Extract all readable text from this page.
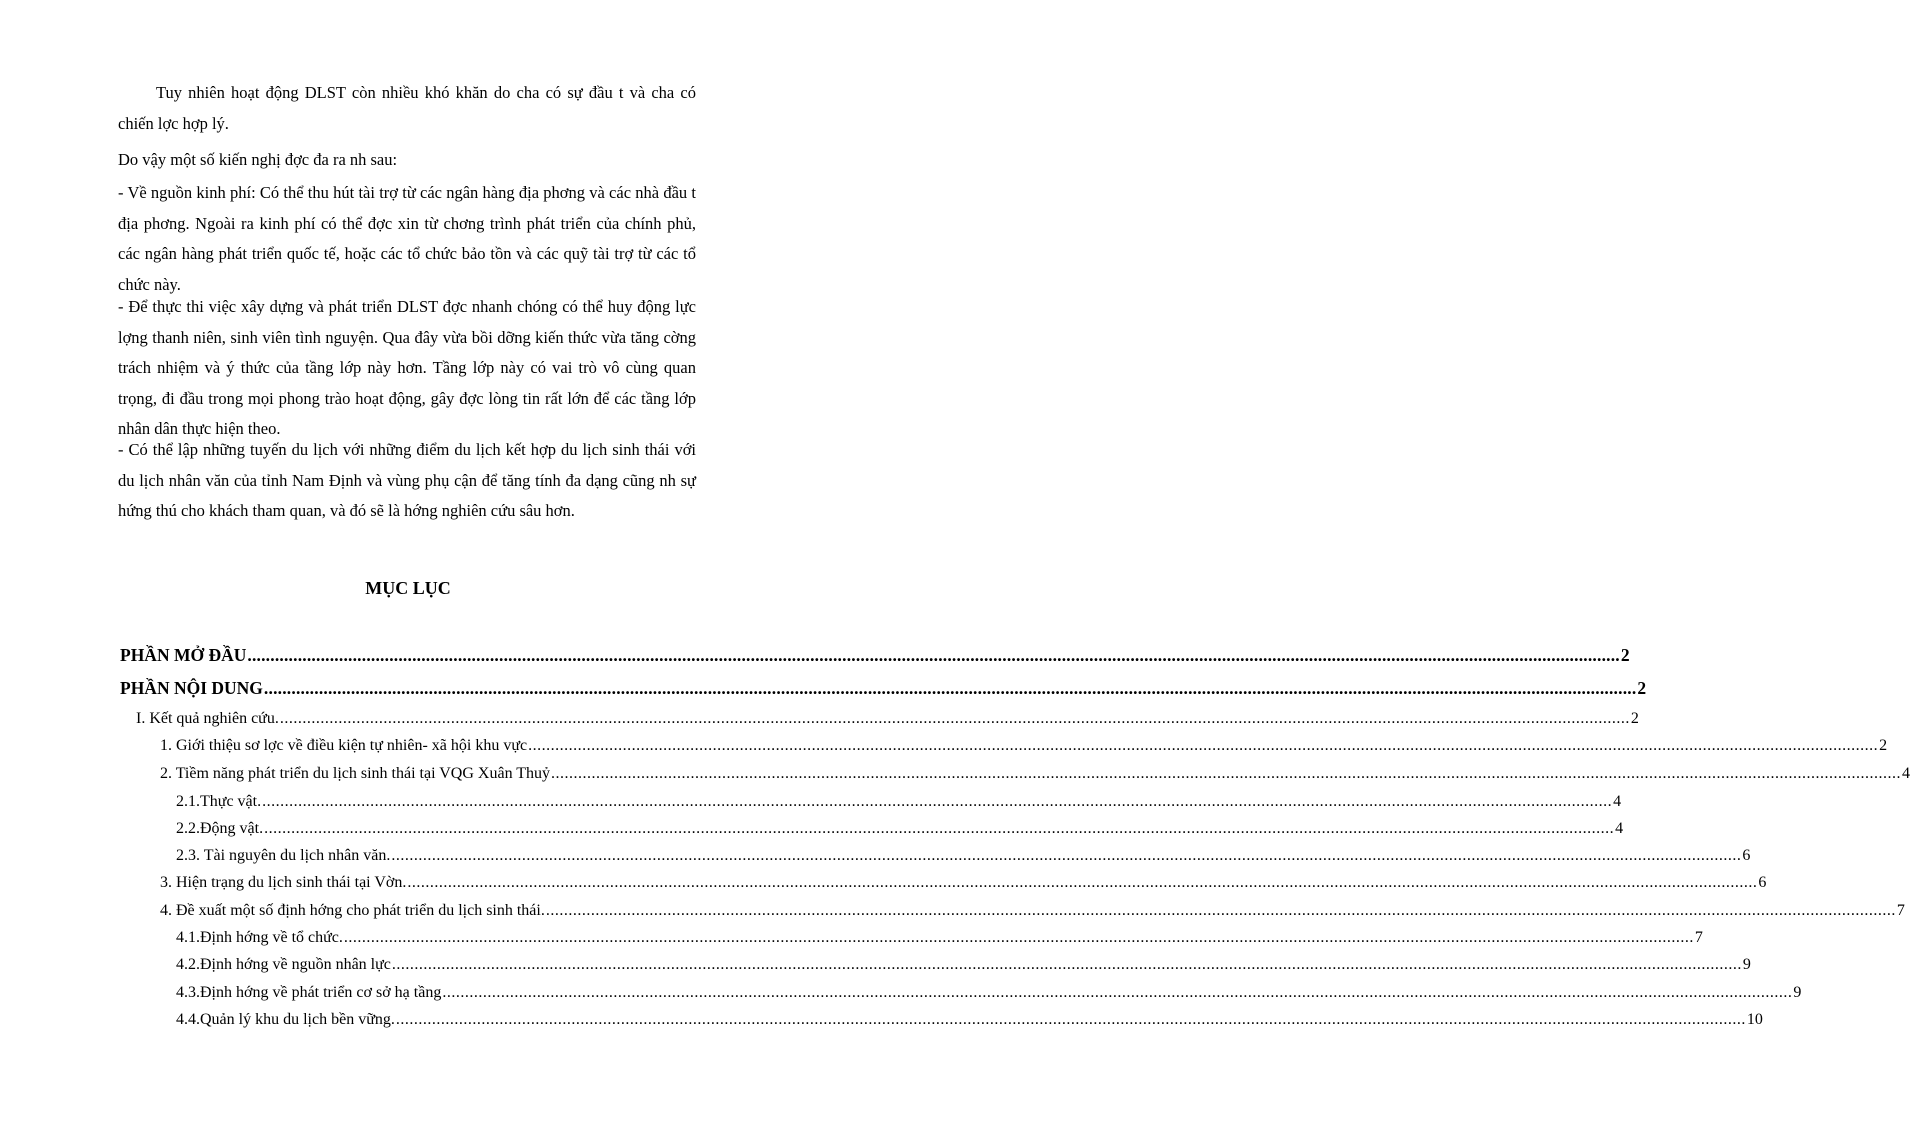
Tuy nhiên hoạt động DLST còn nhiều khó khăn do cha có sự đầu t và cha có chiến lợc hợp lý.

Do vậy một số kiến nghị đợc đa ra nh sau:

- Về nguồn kinh phí: Có thể thu hút tài trợ từ các ngân hàng địa phơng và các nhà đầu t địa phơng. Ngoài ra kinh phí có thể đợc xin từ chơng trình phát triển của chính phủ, các ngân hàng phát triển quốc tế, hoặc các tổ chức bảo tồn và các quỹ tài trợ từ các tổ chức này.

- Để thực thi việc xây dựng và phát triển DLST đợc nhanh chóng có thể huy động lực lợng thanh niên, sinh viên tình nguyện. Qua đây vừa bồi dỡng kiến thức vừa tăng cờng trách nhiệm và ý thức của tầng lớp này hơn. Tầng lớp này có vai trò vô cùng quan trọng, đi đầu trong mọi phong trào hoạt động, gây đợc lòng tin rất lớn để các tầng lớp nhân dân thực hiện theo.

- Có thể lập những tuyến du lịch với những điểm du lịch kết hợp du lịch sinh thái với du lịch nhân văn của tỉnh Nam Định và vùng phụ cận để tăng tính đa dạng cũng nh sự hứng thú cho khách tham quan, và đó sẽ là hớng nghiên cứu sâu hơn.

MỤC LỤC
PHẦN MỞ ĐẦU ............................................................................................................................................................................................................................................................................................................ 2
PHẦN NỘI DUNG ............................................................................................................................................................................................................................................................................................................ 2
I. Kết quả nghiên cứu. ............................................................................................................................................................................................................................................................................................................ 2
1. Giới thiệu sơ lợc về điều kiện tự nhiên- xã hội khu vực ............................................................................................................................................................................................................................................................................................................ 2
2. Tiềm năng phát triển du lịch sinh thái tại VQG Xuân Thuỷ ............................................................................................................................................................................................................................................................................................................ 4
2.1.Thực vật. ............................................................................................................................................................................................................................................................................................................ 4
2.2.Động vật. ............................................................................................................................................................................................................................................................................................................ 4
2.3. Tài nguyên du lịch nhân văn. ............................................................................................................................................................................................................................................................................................................ 6
3. Hiện trạng du lịch sinh thái tại Vờn. ............................................................................................................................................................................................................................................................................................................ 6
4. Đề xuất một số định hớng cho phát triển du lịch sinh thái. ............................................................................................................................................................................................................................................................................................................ 7
4.1.Định hớng về tổ chức. ............................................................................................................................................................................................................................................................................................................ 7
4.2.Định hớng về nguồn nhân lực ............................................................................................................................................................................................................................................................................................................ 9
4.3.Định hớng về phát triển cơ sở hạ tầng ............................................................................................................................................................................................................................................................................................................ 9
4.4.Quản lý khu du lịch bền vững. ............................................................................................................................................................................................................................................................................................................ 10
